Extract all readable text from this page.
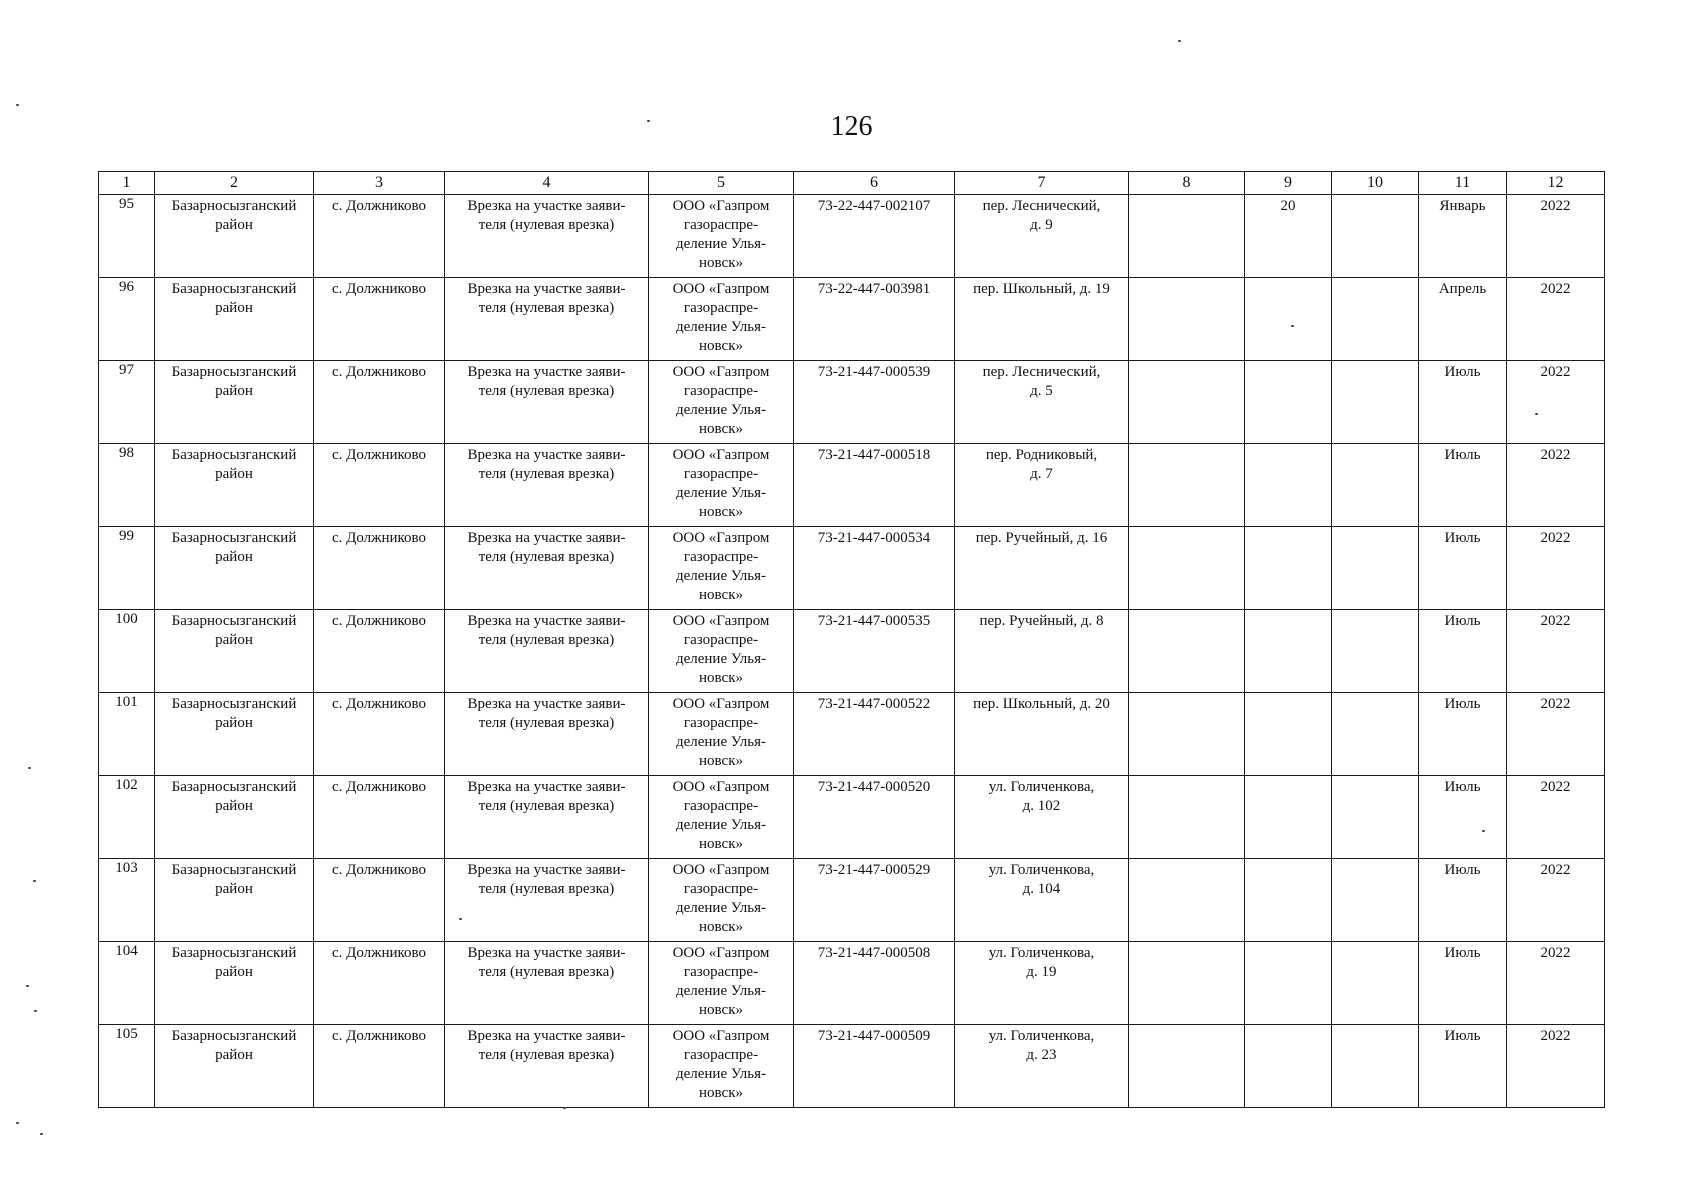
126
1	2	3	4	5	6	7	8	9	10	11	12
95	Базарносызганский
район	с. Должниково	Врезка на участке заяви-
теля (нулевая врезка)	ООО «Газпром
газораспре-
деление Улья-
новск»	73-22-447-002107	пер. Леснический,
д. 9		20		Январь	2022
96	Базарносызганский
район	с. Должниково	Врезка на участке заяви-
теля (нулевая врезка)	ООО «Газпром
газораспре-
деление Улья-
новск»	73-22-447-003981	пер. Школьный, д. 19				Апрель	2022
97	Базарносызганский
район	с. Должниково	Врезка на участке заяви-
теля (нулевая врезка)	ООО «Газпром
газораспре-
деление Улья-
новск»	73-21-447-000539	пер. Леснический,
д. 5				Июль	2022
98	Базарносызганский
район	с. Должниково	Врезка на участке заяви-
теля (нулевая врезка)	ООО «Газпром
газораспре-
деление Улья-
новск»	73-21-447-000518	пер. Родниковый,
д. 7				Июль	2022
99	Базарносызганский
район	с. Должниково	Врезка на участке заяви-
теля (нулевая врезка)	ООО «Газпром
газораспре-
деление Улья-
новск»	73-21-447-000534	пер. Ручейный, д. 16				Июль	2022
100	Базарносызганский
район	с. Должниково	Врезка на участке заяви-
теля (нулевая врезка)	ООО «Газпром
газораспре-
деление Улья-
новск»	73-21-447-000535	пер. Ручейный, д. 8				Июль	2022
101	Базарносызганский
район	с. Должниково	Врезка на участке заяви-
теля (нулевая врезка)	ООО «Газпром
газораспре-
деление Улья-
новск»	73-21-447-000522	пер. Школьный, д. 20				Июль	2022
102	Базарносызганский
район	с. Должниково	Врезка на участке заяви-
теля (нулевая врезка)	ООО «Газпром
газораспре-
деление Улья-
новск»	73-21-447-000520	ул. Голиченкова,
д. 102				Июль	2022
103	Базарносызганский
район	с. Должниково	Врезка на участке заяви-
теля (нулевая врезка)	ООО «Газпром
газораспре-
деление Улья-
новск»	73-21-447-000529	ул. Голиченкова,
д. 104				Июль	2022
104	Базарносызганский
район	с. Должниково	Врезка на участке заяви-
теля (нулевая врезка)	ООО «Газпром
газораспре-
деление Улья-
новск»	73-21-447-000508	ул. Голиченкова,
д. 19				Июль	2022
105	Базарносызганский
район	с. Должниково	Врезка на участке заяви-
теля (нулевая врезка)	ООО «Газпром
газораспре-
деление Улья-
новск»	73-21-447-000509	ул. Голиченкова,
д. 23				Июль	2022
